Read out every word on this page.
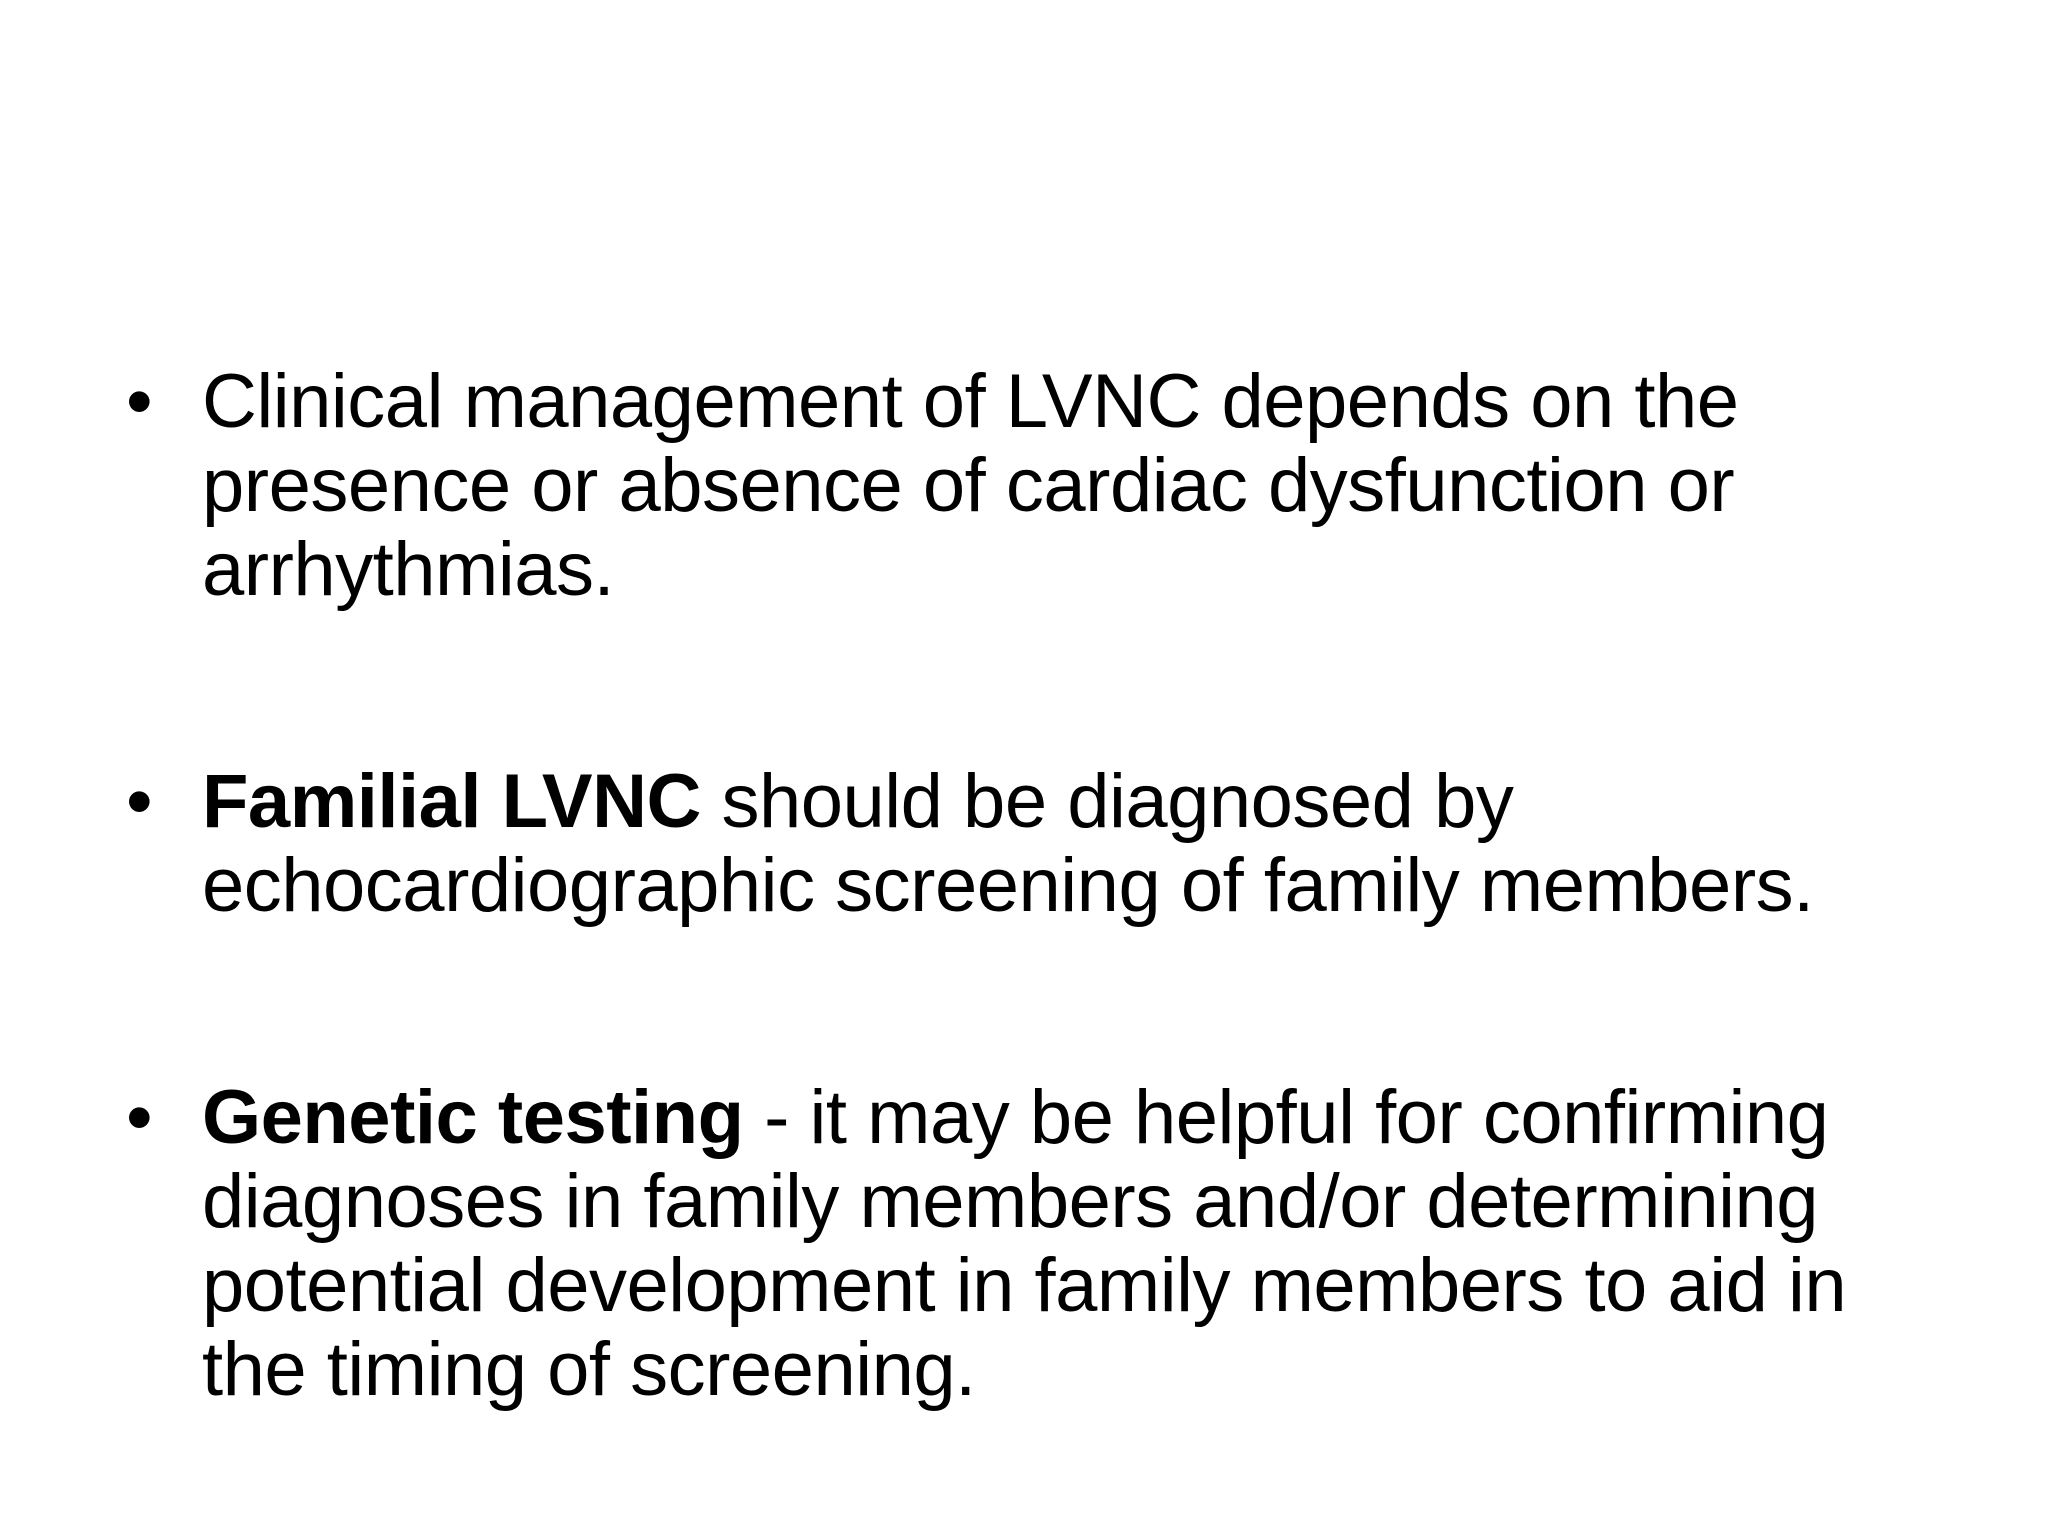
• Clinical management of LVNC depends on the presence or absence of cardiac dysfunction or arrhythmias.
• Familial LVNC should be diagnosed by echocardiographic screening of family members.
• Genetic testing - it may be helpful for confirming diagnoses in family members and/or determining potential development in family members to aid in the timing of screening.
